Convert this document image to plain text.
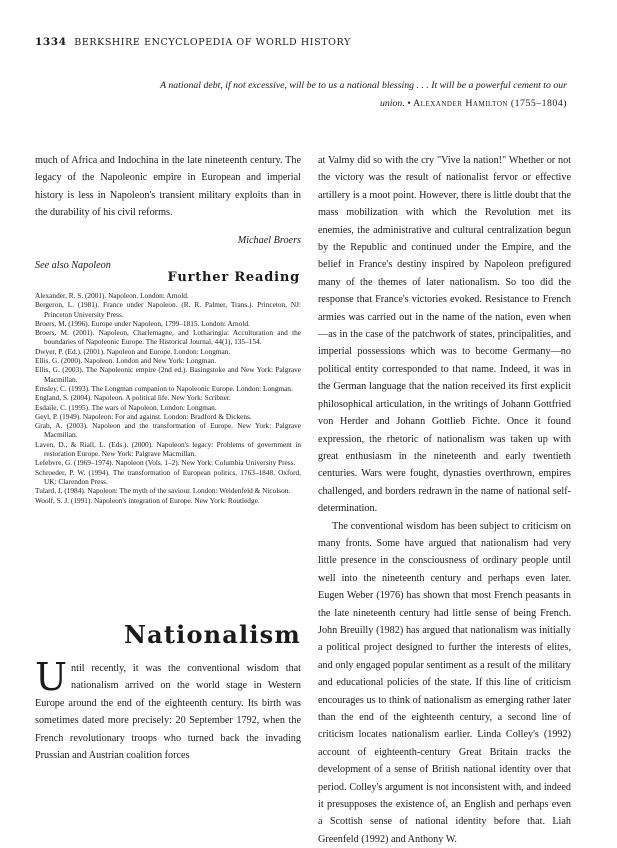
1334 BERKSHIRE ENCYCLOPEDIA OF WORLD HISTORY
A national debt, if not excessive, will be to us a national blessing . . . It will be a powerful cement to our union. • Alexander Hamilton (1755–1804)

much of Africa and Indochina in the late nineteenth century. The legacy of the Napoleonic empire in European and imperial history is less in Napoleon's transient military exploits than in the durability of his civil reforms.

Michael Broers

See also Napoleon

Further Reading
Alexander, R. S. (2001). Napoleon. London: Arnold.
Bergeron, L. (1981). France under Napoleon. (R. R. Palmer, Trans.). Princeton, NJ: Princeton University Press.
Broers, M. (1996). Europe under Napoleon, 1799–1815. London: Arnold.
Broers, M. (2001). Napoleon, Charlemagne, and Lotharingia: Acculturation and the boundaries of Napoleonic Europe. The Historical Journal, 44(1), 135–154.
Dwyer, P. (Ed.). (2001). Napoleon and Europe. London: Longman.
Ellis, G. (2000). Napoleon. London and New York: Longman.
Ellis, G. (2003). The Napoleonic empire (2nd ed.). Basingstoke and New York: Palgrave Macmillan.
Emsley, C. (1993). The Longman companion to Napoleonic Europe. London: Longman.
England, S. (2004). Napoleon. A political life. New York: Scribner.
Esdaile, C. (1995). The wars of Napoleon. London: Longman.
Geyl, P. (1949). Napoleon: For and against. London: Bradford & Dickens.
Grab, A. (2003). Napoleon and the transformation of Europe. New York: Palgrave Macmillan.
Laven, D., & Riall, L. (Eds.). (2000). Napoleon's legacy: Problems of government in restoration Europe. New York: Palgrave Macmillan.
Lefebvre, G. (1969–1974). Napoleon (Vols. 1–2). New York: Columbia University Press.
Schroeder, P. W. (1994). The transformation of European politics, 1763–1848. Oxford, UK: Clarendon Press.
Tulard, J. (1984). Napoleon: The myth of the saviour. London: Weidenfeld & Nicolson.
Woolf, S. J. (1991). Napoleon's integration of Europe. New York: Routledge.
Nationalism
U ntil recently, it was the conventional wisdom that nationalism arrived on the world stage in Western Europe around the end of the eighteenth century. Its birth was sometimes dated more precisely: 20 September 1792, when the French revolutionary troops who turned back the invading Prussian and Austrian coalition forces

at Valmy did so with the cry "Vive la nation!" Whether or not the victory was the result of nationalist fervor or effective artillery is a moot point. However, there is little doubt that the mass mobilization with which the Revolution met its enemies, the administrative and cultural centralization begun by the Republic and continued under the Empire, and the belief in France's destiny inspired by Napoleon prefigured many of the themes of later nationalism. So too did the response that France's victories evoked. Resistance to French armies was carried out in the name of the nation, even when—as in the case of the patchwork of states, principalities, and imperial possessions which was to become Germany—no political entity corresponded to that name. Indeed, it was in the German language that the nation received its first explicit philosophical articulation, in the writings of Johann Gottfried von Herder and Johann Gottlieb Fichte. Once it found expression, the rhetoric of nationalism was taken up with great enthusiasm in the nineteenth and early twentieth centuries. Wars were fought, dynasties overthrown, empires challenged, and borders redrawn in the name of national self-determination.

The conventional wisdom has been subject to criticism on many fronts. Some have argued that nationalism had very little presence in the consciousness of ordinary people until well into the nineteenth century and perhaps even later. Eugen Weber (1976) has shown that most French peasants in the late nineteenth century had little sense of being French. John Breuilly (1982) has argued that nationalism was initially a political project designed to further the interests of elites, and only engaged popular sentiment as a result of the military and educational policies of the state. If this line of criticism encourages us to think of nationalism as emerging rather later than the end of the eighteenth century, a second line of criticism locates nationalism earlier. Linda Colley's (1992) account of eighteenth-century Great Britain tracks the development of a sense of British national identity over that period. Colley's argument is not inconsistent with, and indeed it presupposes the existence of, an English and perhaps even a Scottish sense of national identity before that. Liah Greenfeld (1992) and Anthony W.
